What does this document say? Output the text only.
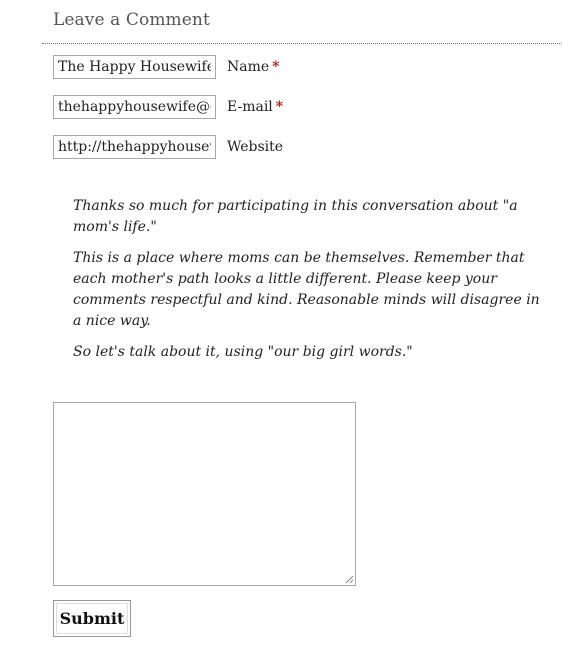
Leave a Comment
The Happy Housewife
Name *
thehappyhousewife@gm
E-mail *
http://thehappyhousew
Website

Thanks so much for participating in this conversation about "a mom's life."

This is a place where moms can be themselves. Remember that each mother's path looks a little different. Please keep your comments respectful and kind. Reasonable minds will disagree in a nice way.

So let's talk about it, using "our big girl words."

Submit
